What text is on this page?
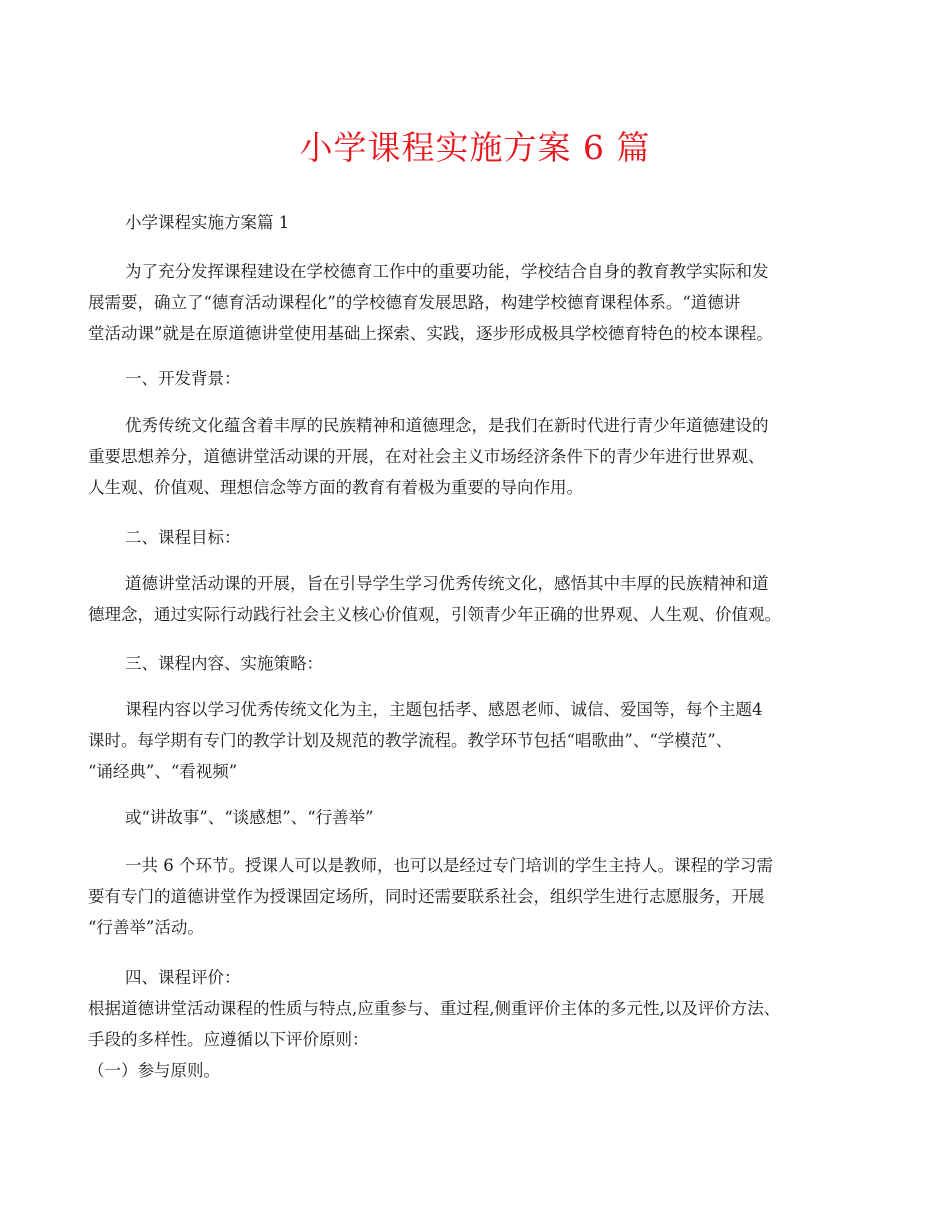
小学课程实施方案 6 篇
小学课程实施方案篇 1
为了充分发挥课程建设在学校德育工作中的重要功能，学校结合自身的教育教学实际和发
展需要，确立了“德育活动课程化”的学校德育发展思路，构建学校德育课程体系。“道德讲
堂活动课”就是在原道德讲堂使用基础上探索、实践，逐步形成极具学校德育特色的校本课程。
一、开发背景：
优秀传统文化蕴含着丰厚的民族精神和道德理念，是我们在新时代进行青少年道德建设的
重要思想养分，道德讲堂活动课的开展，在对社会主义市场经济条件下的青少年进行世界观、
人生观、价值观、理想信念等方面的教育有着极为重要的导向作用。
二、课程目标：
道德讲堂活动课的开展，旨在引导学生学习优秀传统文化，感悟其中丰厚的民族精神和道
德理念，通过实际行动践行社会主义核心价值观，引领青少年正确的世界观、人生观、价值观。
三、课程内容、实施策略：
课程内容以学习优秀传统文化为主，主题包括孝、感恩老师、诚信、爱国等，每个主题4
课时。每学期有专门的教学计划及规范的教学流程。教学环节包括“唱歌曲”、“学模范”、
“诵经典”、“看视频”
或“讲故事”、“谈感想”、“行善举”
一共 6 个环节。授课人可以是教师，也可以是经过专门培训的学生主持人。课程的学习需
要有专门的道德讲堂作为授课固定场所，同时还需要联系社会，组织学生进行志愿服务，开展
“行善举”活动。
四、课程评价：
根据道德讲堂活动课程的性质与特点,应重参与、重过程,侧重评价主体的多元性,以及评价方法、
手段的多样性。应遵循以下评价原则：
（一）参与原则。
